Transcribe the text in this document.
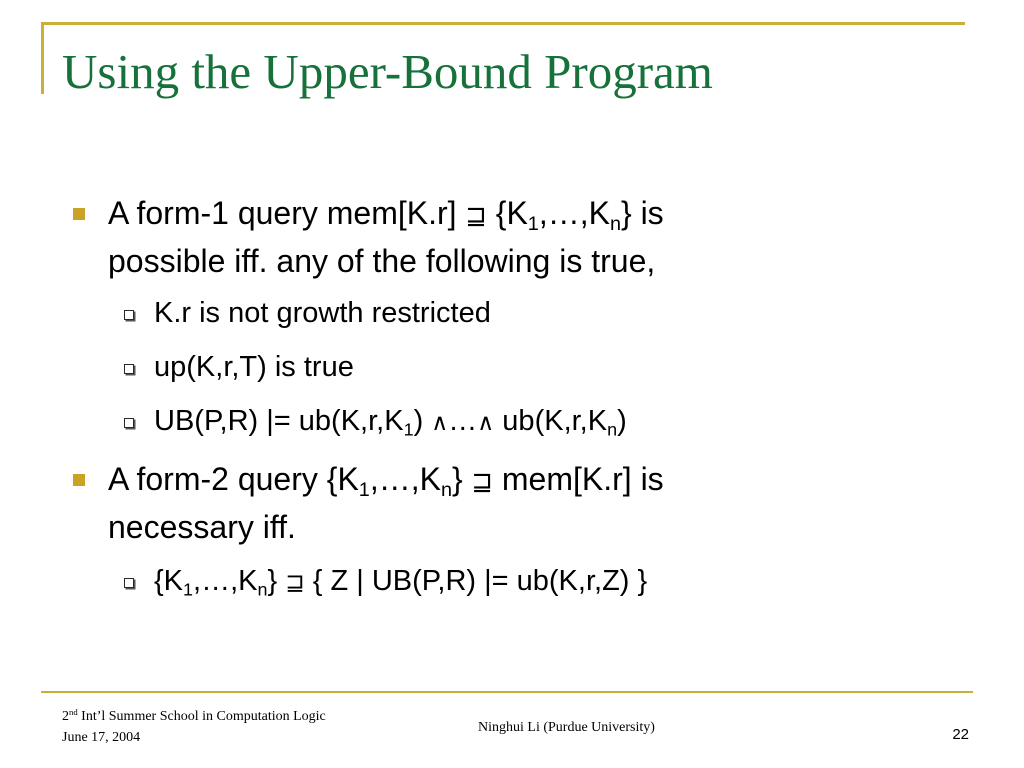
Using the Upper-Bound Program
A form-1 query mem[K.r] ⊒ $\{K_1,\dots,K_n\}$ is
possible iff. any of the following is true,
K.r is not growth restricted
up(K,r,T) is true
UB(P,R) |= $ub(K,r,K_1)$ ∧…∧ $ub(K,r,K_n)$
A form-2 query $\{K_1,\dots,K_n\}$ ⊒ mem[K.r] is
necessary iff.
$\{K_1,\dots,K_n\}$ ⊒ { Z | UB(P,R) |= ub(K,r,Z) }
2nd Int’l Summer School in Computation Logic
June 17, 2004
Ninghui Li (Purdue University)	22
